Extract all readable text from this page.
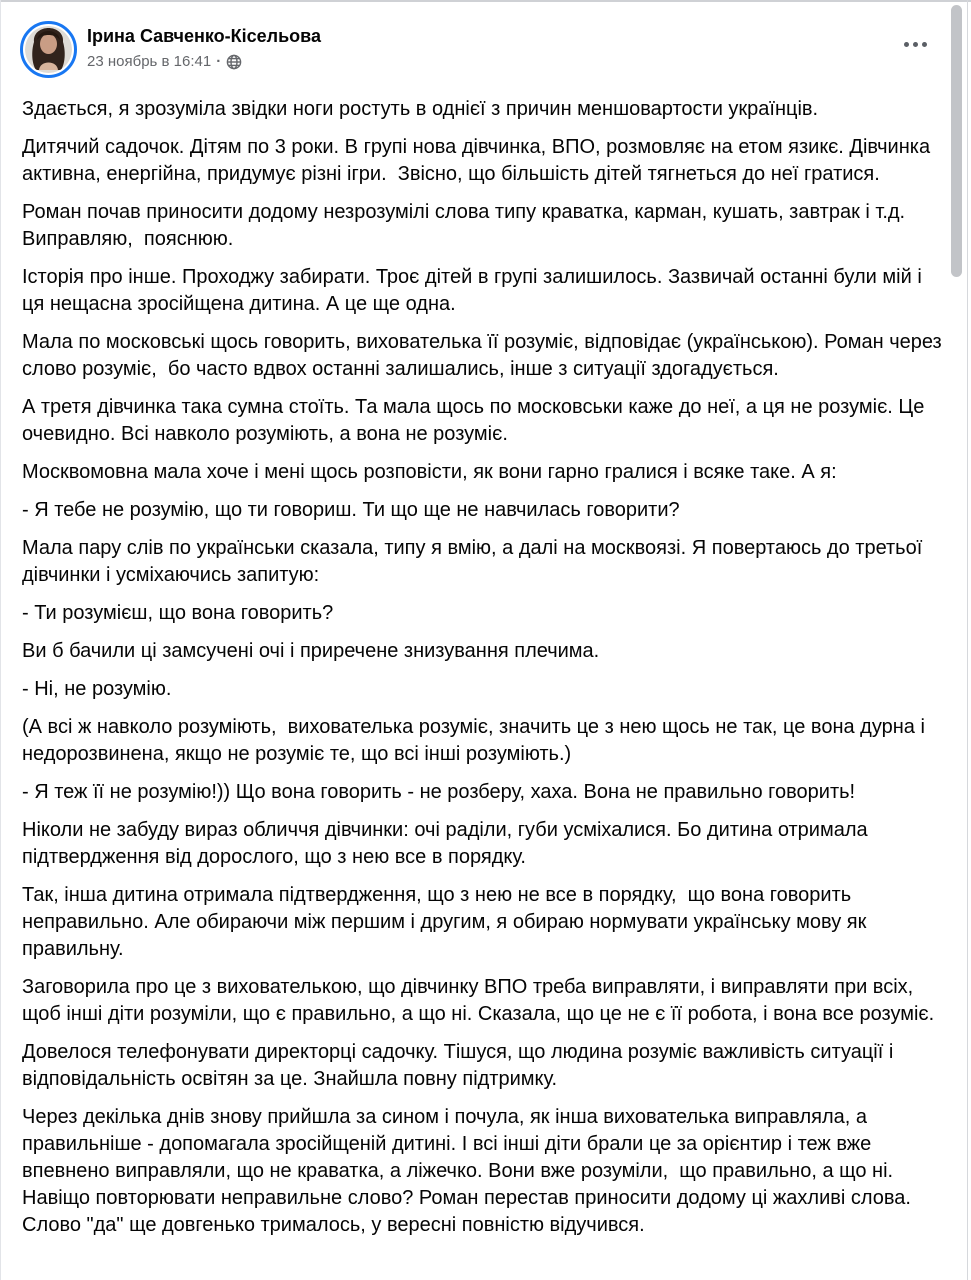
Ірина Савченко-Кісельова
23 ноябрь в 16:41 ·

Здається, я зрозуміла звідки ноги ростуть в однієї з причин меншовартости українців.

Дитячий садочок. Дітям по 3 роки. В групі нова дівчинка, ВПО, розмовляє на етом язикє. Дівчинка активна, енергійна, придумує різні ігри.  Звісно, що більшість дітей тягнеться до неї гратися.

Роман почав приносити додому незрозумілі слова типу краватка, карман, кушать, завтрак і т.д. Виправляю,  пояснюю.

Історія про інше. Проходжу забирати. Троє дітей в групі залишилось. Зазвичай останні були мій і ця нещасна зросійщена дитина. А це ще одна.

Мала по московські щось говорить, вихователька її розуміє, відповідає (українською). Роман через слово розуміє,  бо часто вдвох останні залишались, інше з ситуації здогадується.

А третя дівчинка така сумна стоїть. Та мала щось по московськи каже до неї, а ця не розуміє. Це очевидно. Всі навколо розуміють, а вона не розуміє.

Москвомовна мала хоче і мені щось розповісти, як вони гарно гралися і всяке таке. А я:

- Я тебе не розумію, що ти говориш. Ти що ще не навчилась говорити?

Мала пару слів по українськи сказала, типу я вмію, а далі на москвоязі. Я повертаюсь до третьої дівчинки і усміхаючись запитую:

- Ти розумієш, що вона говорить?

Ви б бачили ці замсучені очі і приречене знизування плечима.

- Ні, не розумію.

(А всі ж навколо розуміють,  вихователька розуміє, значить це з нею щось не так, це вона дурна і недорозвинена, якщо не розуміє те, що всі інші розуміють.)

- Я теж її не розумію!)) Що вона говорить - не розберу, хаха. Вона не правильно говорить!

Ніколи не забуду вираз обличчя дівчинки: очі раділи, губи усміхалися. Бо дитина отримала підтвердження від дорослого, що з нею все в порядку.

Так, інша дитина отримала підтвердження, що з нею не все в порядку,  що вона говорить неправильно. Але обираючи між першим і другим, я обираю нормувати українську мову як правильну.

Заговорила про це з вихователькою, що дівчинку ВПО треба виправляти, і виправляти при всіх, щоб інші діти розуміли, що є правильно, а що ні. Сказала, що це не є її робота, і вона все розуміє.

Довелося телефонувати директорці садочку. Тішуся, що людина розуміє важливість ситуації і відповідальність освітян за це. Знайшла повну підтримку.

Через декілька днів знову прийшла за сином і почула, як інша вихователька виправляла, а правильніше - допомагала зросійщеній дитині. І всі інші діти брали це за орієнтир і теж вже впевнено виправляли, що не краватка, а ліжечко. Вони вже розуміли,  що правильно, а що ні. Навіщо повторювати неправильне слово? Роман перестав приносити додому ці жахливі слова. Слово "да" ще довгенько трималось, у вересні повністю відучився.
